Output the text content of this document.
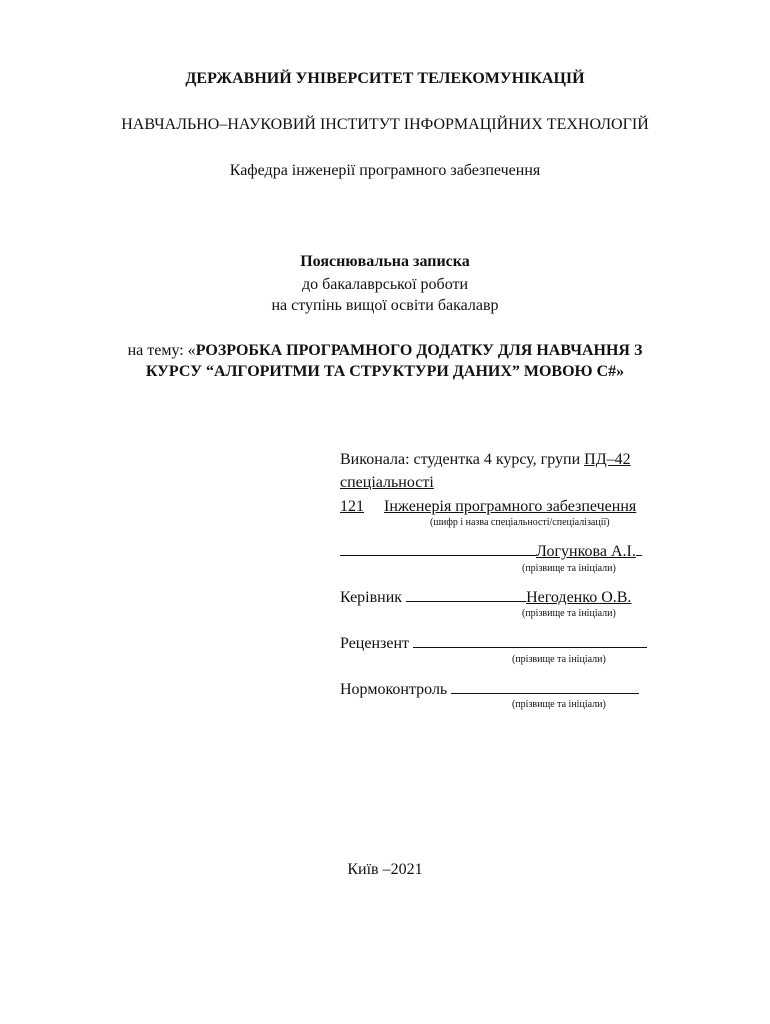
ДЕРЖАВНИЙ УНІВЕРСИТЕТ ТЕЛЕКОМУНІКАЦІЙ
НАВЧАЛЬНО–НАУКОВИЙ ІНСТИТУТ ІНФОРМАЦІЙНИХ ТЕХНОЛОГІЙ
Кафедра інженерії програмного забезпечення
Пояснювальна записка
до бакалаврської роботи
на ступінь вищої освіти бакалавр
на тему: «РОЗРОБКА ПРОГРАМНОГО ДОДАТКУ ДЛЯ НАВЧАННЯ З
КУРСУ “АЛГОРИТМИ ТА СТРУКТУРИ ДАНИХ” МОВОЮ С#»
Виконала: студентка 4 курсу, групи ПД–42
спеціальності
121 Інженерія програмного забезпечення
(шифр і назва спеціальності/спеціалізації)
Логункова А.І.
(прізвище та ініціали)
Керівник	Негоденко О.В.
(прізвище та ініціали)
Рецензент
(прізвище та ініціали)
Нормоконтроль
(прізвище та ініціали)
Київ –2021
